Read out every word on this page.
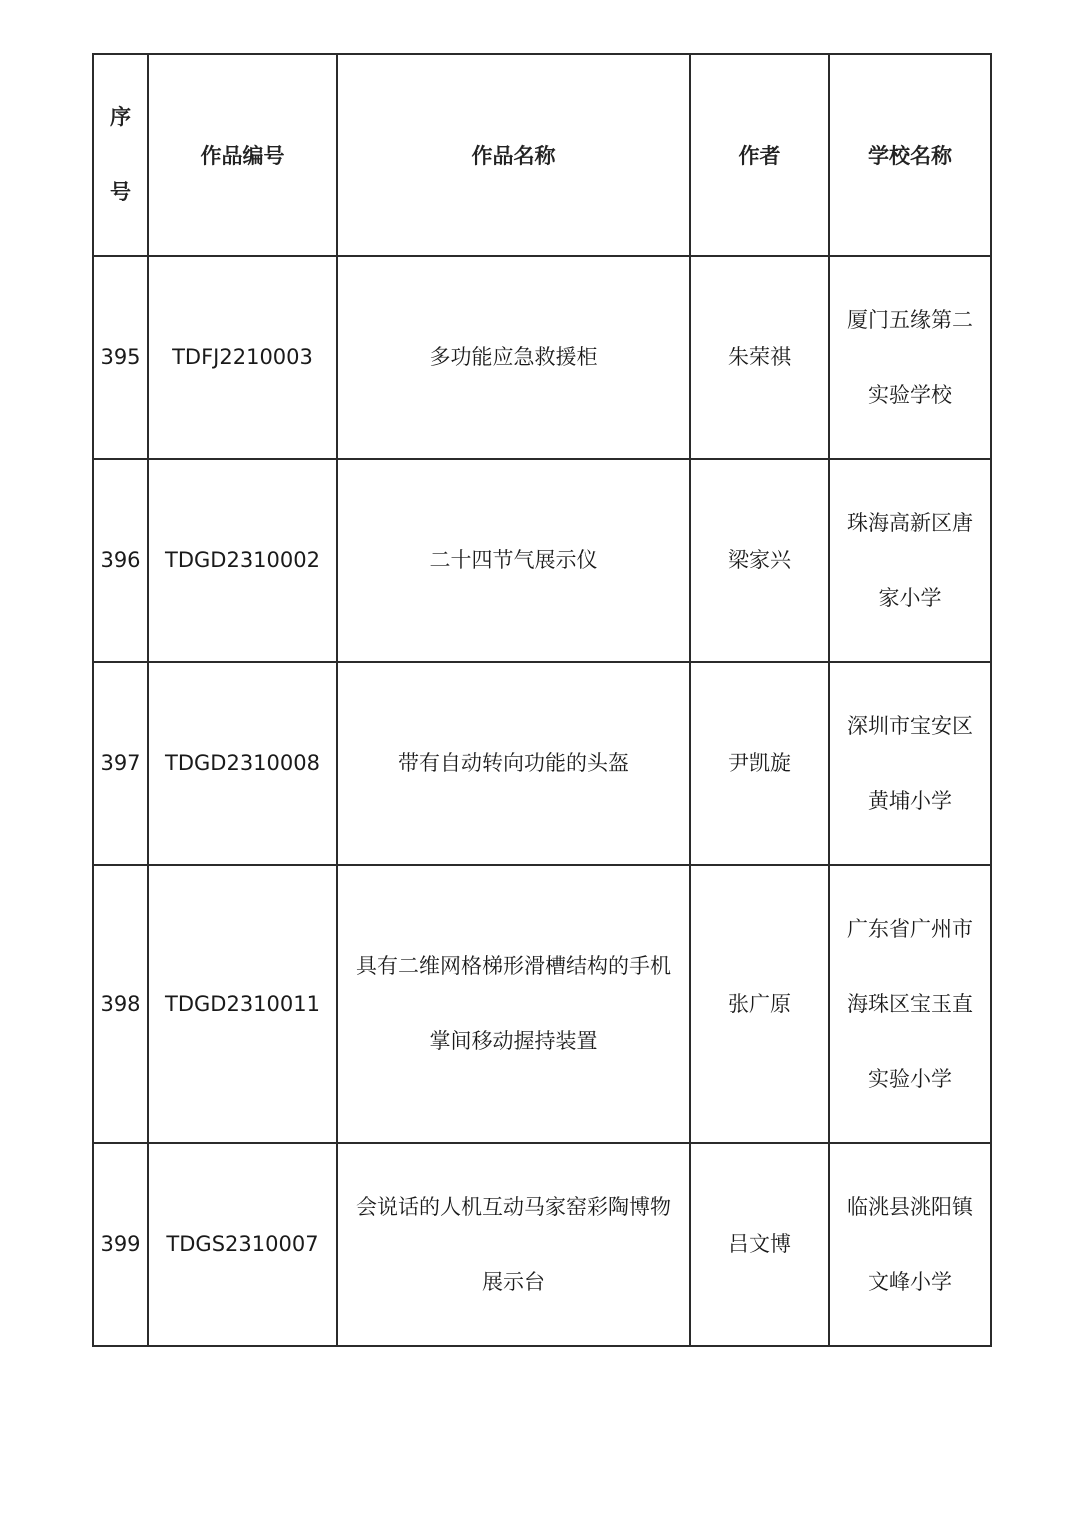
序号	作品编号	作品名称	作者	学校名称
395	TDFJ2210003	多功能应急救援柜	朱荣祺	厦门五缘第二实验学校

396	TDGD2310002	二十四节气展示仪	梁家兴	珠海高新区唐家小学

397	TDGD2310008	带有自动转向功能的头盔	尹凯旋	深圳市宝安区黄埔小学

398	TDGD2310011	具有二维网格梯形滑槽结构的手机掌间移动握持装置	张广原	广东省广州市海珠区宝玉直实验小学

399	TDGS2310007	会说话的人机互动马家窑彩陶博物展示台	吕文博	临洮县洮阳镇文峰小学
